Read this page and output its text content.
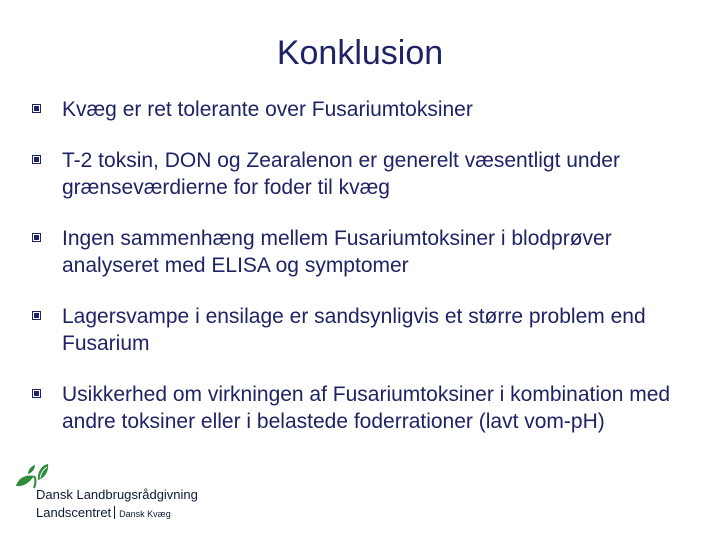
Konklusion
Kvæg er ret tolerante over Fusariumtoksiner
T-2 toksin, DON og Zearalenon er generelt væsentligt under grænseværdierne for foder til kvæg
Ingen sammenhæng mellem Fusariumtoksiner i blodprøver analyseret med ELISA og symptomer
Lagersvampe i ensilage er sandsynligvis et større problem end Fusarium
Usikkerhed om virkningen af Fusariumtoksiner i kombination med andre toksiner eller i belastede foderrationer (lavt vom-pH)
Dansk Landbrugsrådgivning
Landscentret Dansk Kvæg
